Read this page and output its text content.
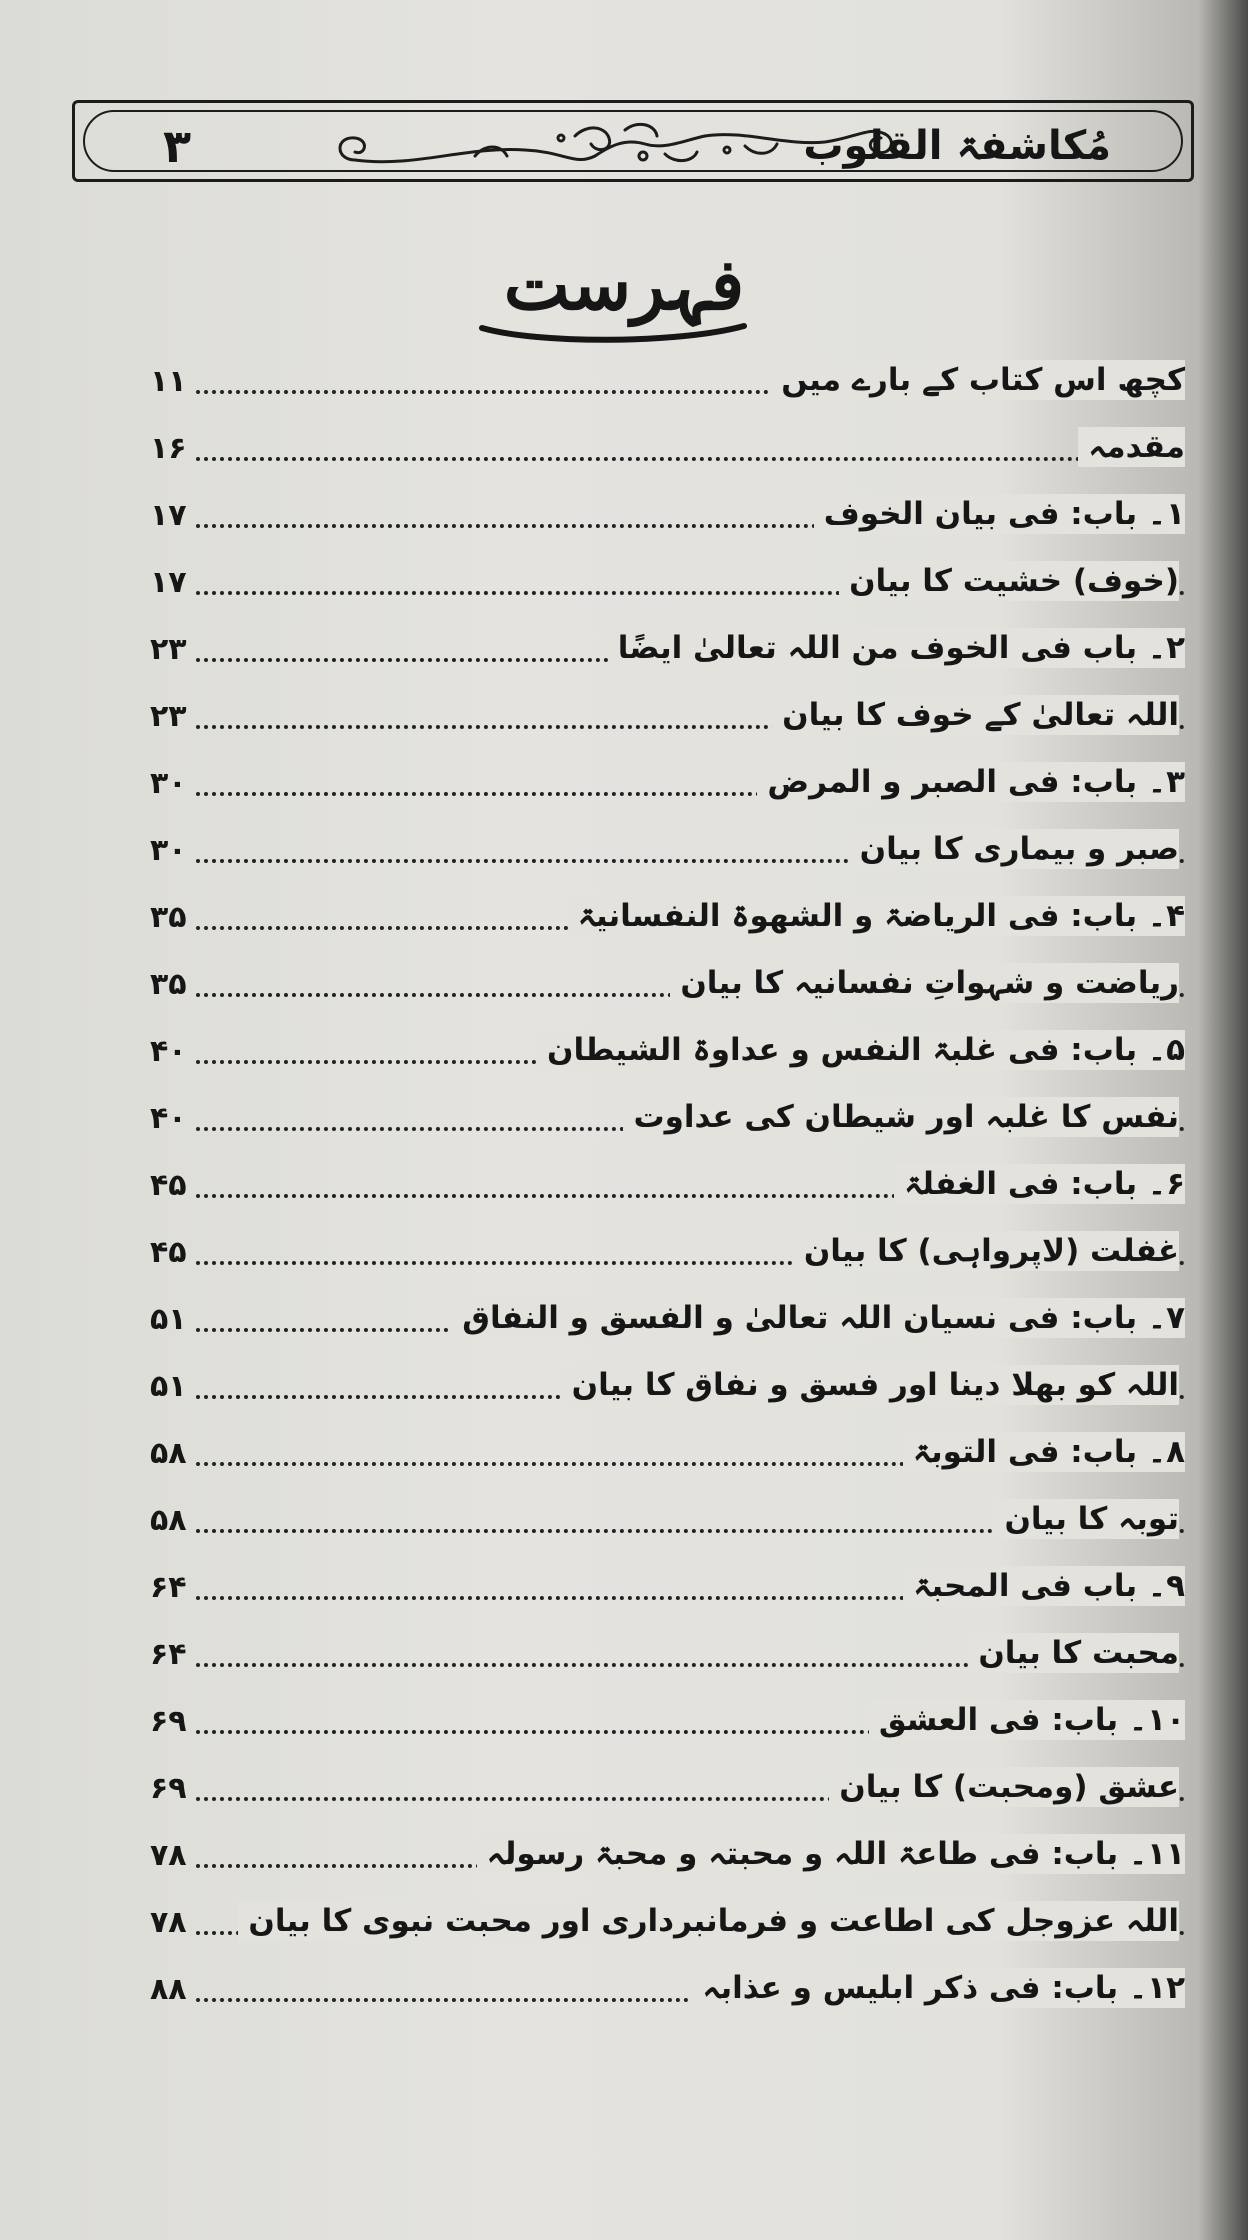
۳	مُکاشفۃ القلوب
فہرست
کچھ اس کتاب کے بارے میں
۱۱
مقدمہ
۱۶
۱۔ باب: فی بیان الخوف
۱۷
(خوف) خشیت کا بیان
۱۷
۲۔ باب فی الخوف من اللہ تعالیٰ ایضًا
۲۳
اللہ تعالیٰ کے خوف کا بیان
۲۳
۳۔ باب: فی الصبر و المرض
۳۰
صبر و بیماری کا بیان
۳۰
۴۔ باب: فی الریاضۃ و الشھوۃ النفسانیۃ
۳۵
ریاضت و شہواتِ نفسانیہ کا بیان
۳۵
۵۔ باب: فی غلبۃ النفس و عداوۃ الشیطان
۴۰
نفس کا غلبہ اور شیطان کی عداوت
۴۰
۶۔ باب: فی الغفلۃ
۴۵
غفلت (لاپرواہی) کا بیان
۴۵
۷۔ باب: فی نسیان اللہ تعالیٰ و الفسق و النفاق
۵۱
اللہ کو بھلا دینا اور فسق و نفاق کا بیان
۵۱
۸۔ باب: فی التوبۃ
۵۸
توبہ کا بیان
۵۸
۹۔ باب فی المحبۃ
۶۴
محبت کا بیان
۶۴
۱۰۔ باب: فی العشق
۶۹
عشق (ومحبت) کا بیان
۶۹
۱۱۔ باب: فی طاعۃ اللہ و محبتہ و محبۃ رسولہ
۷۸
اللہ عزوجل کی اطاعت و فرمانبرداری اور محبت نبوی کا بیان
۷۸
۱۲۔ باب: فی ذکر ابلیس و عذابہ
۸۸
